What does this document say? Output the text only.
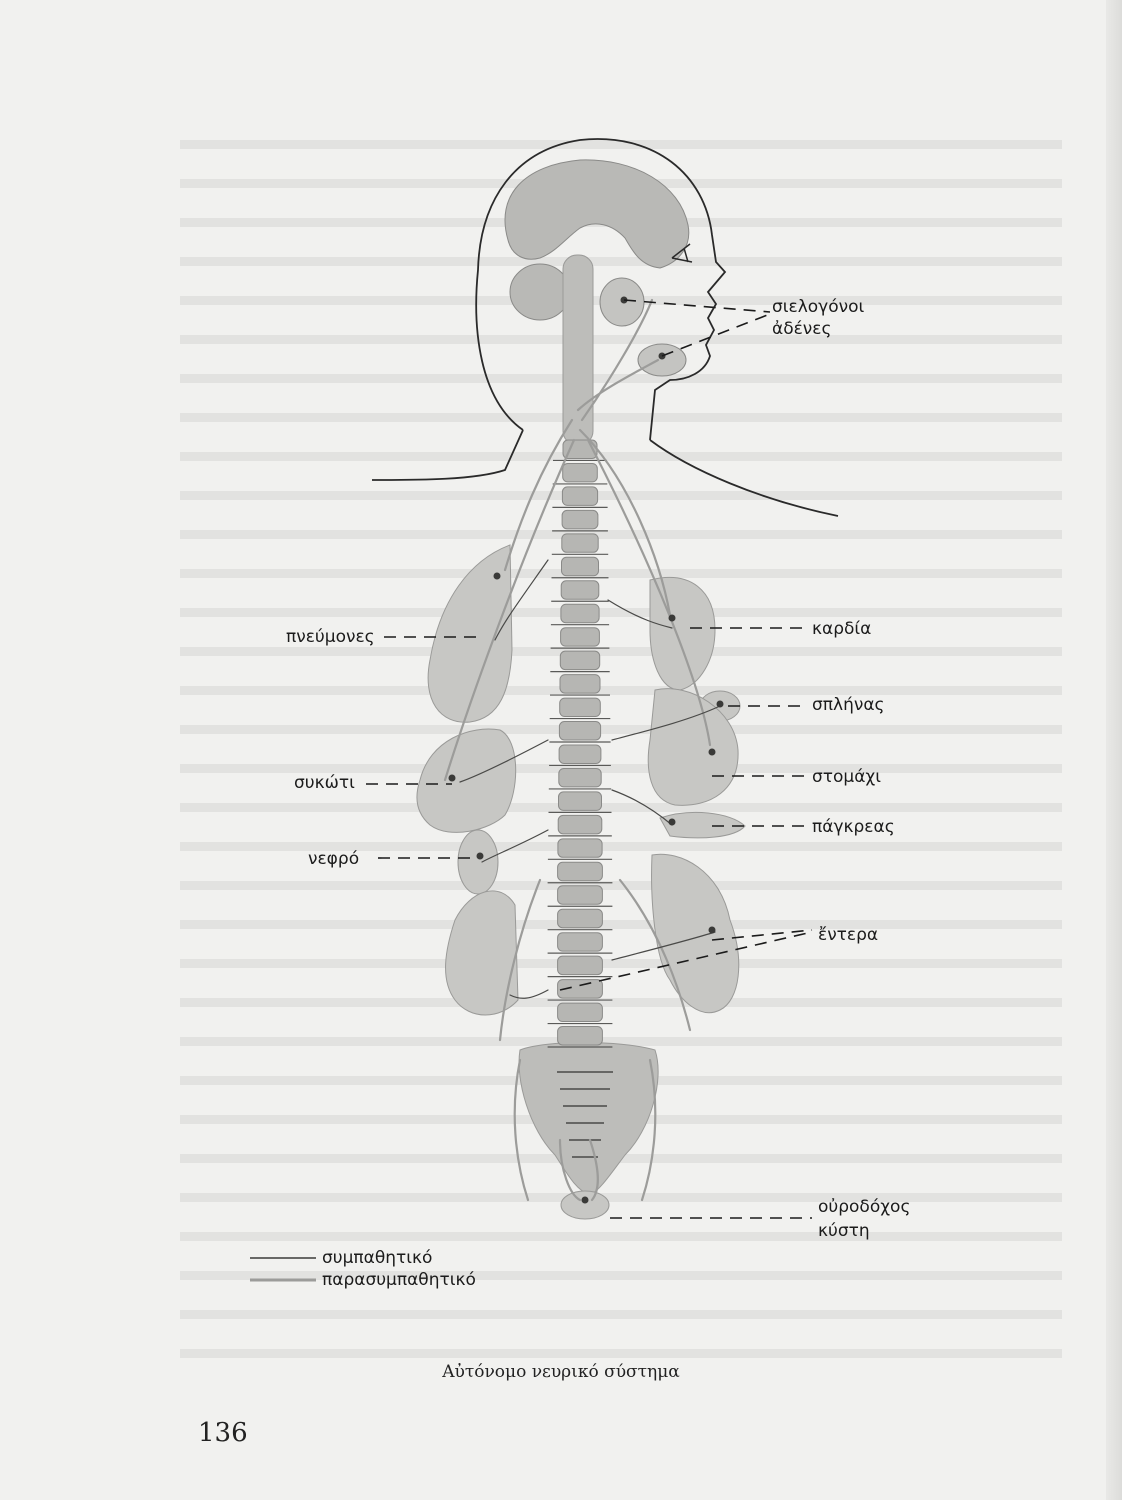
σιελογόνοι
ἀδένες
πνεύμονες	καρδία
σπλήνας
συκώτι	στομάχι
πάγκρεας
νεφρό
ἔντερα
οὐροδόχος
κύστη
συμπαθητικό
παρασυμπαθητικό
Αὐτόνομο νευρικό σύστημα
136
